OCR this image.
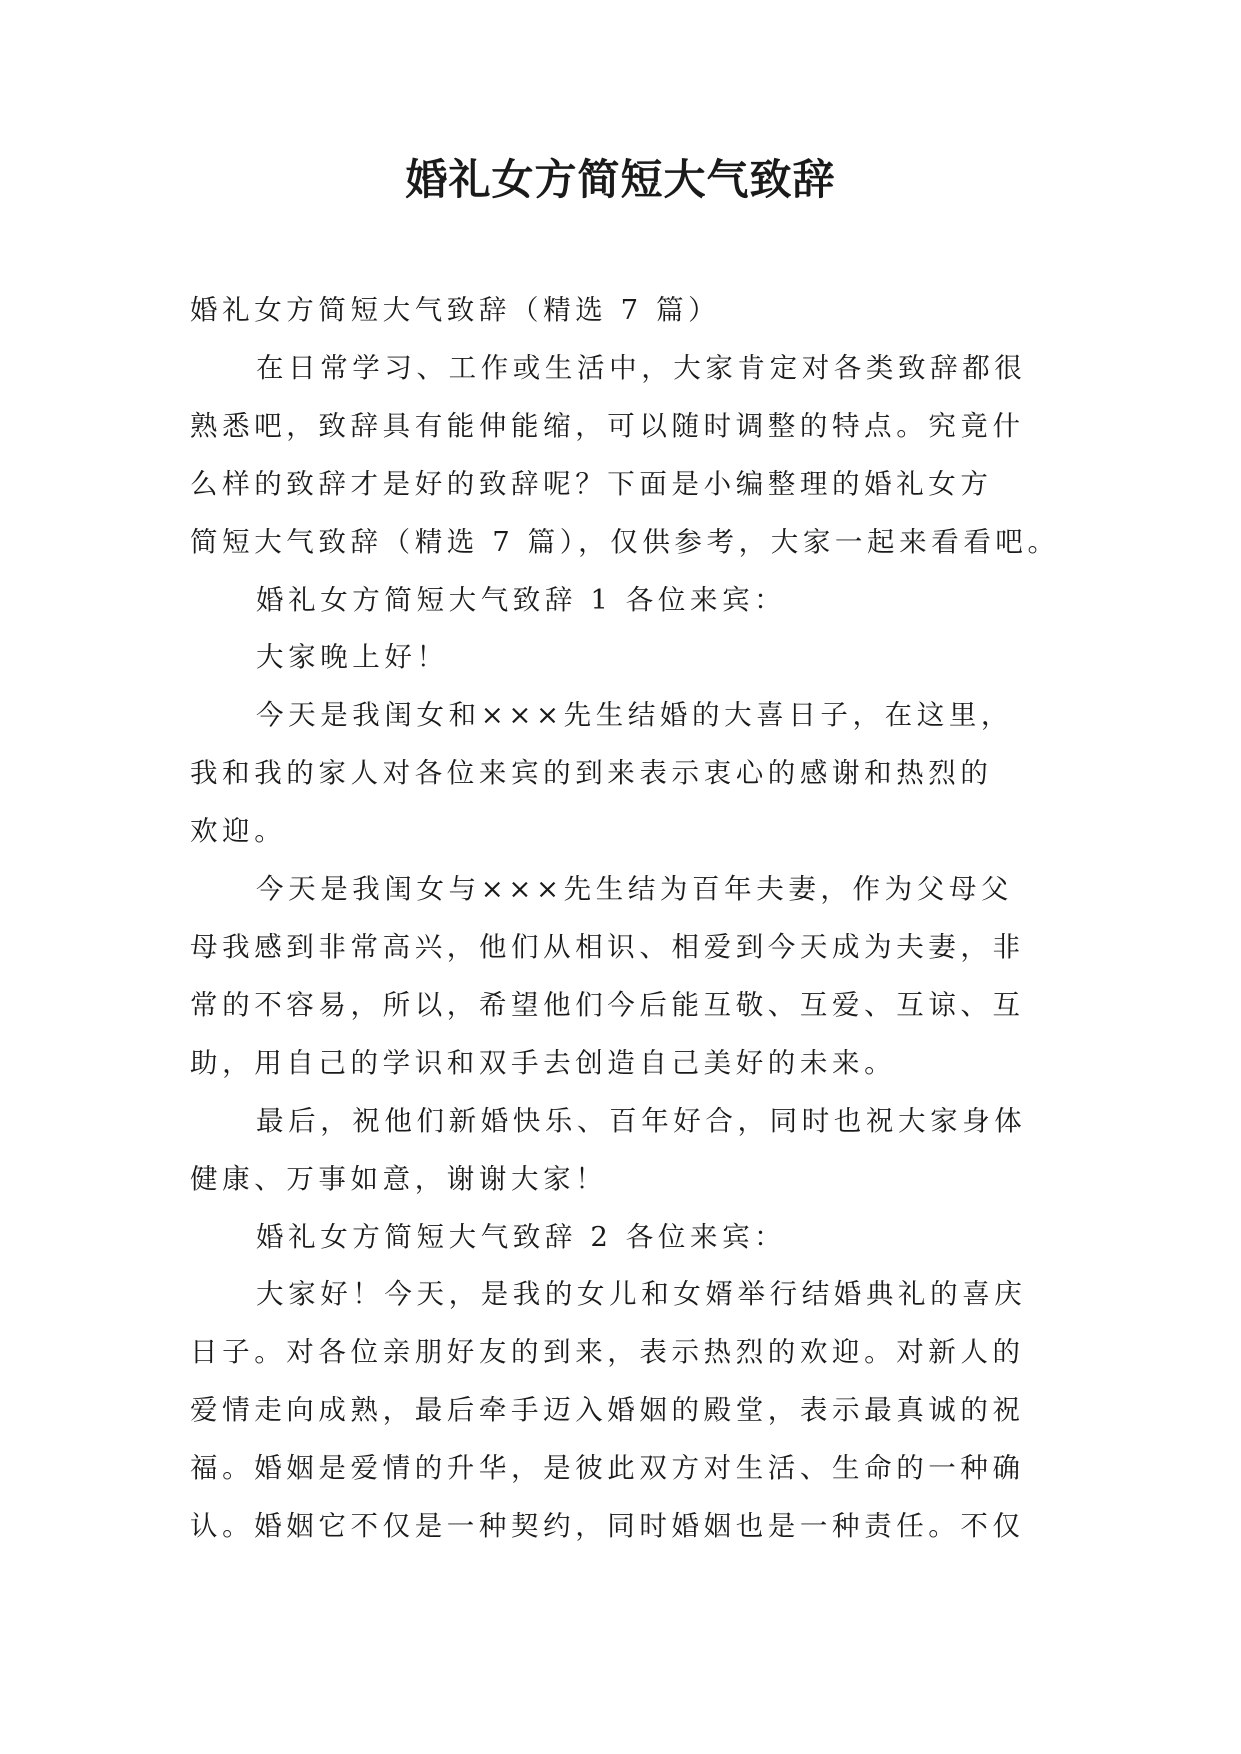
婚礼女方简短大气致辞

婚礼女方简短大气致辞（精选 7 篇）

在日常学习、工作或生活中，大家肯定对各类致辞都很

熟悉吧，致辞具有能伸能缩，可以随时调整的特点。究竟什
么样的致辞才是好的致辞呢？下面是小编整理的婚礼女方
简短大气致辞（精选 7 篇），仅供参考，大家一起来看看吧。

婚礼女方简短大气致辞 1 各位来宾：

大家晚上好！

今天是我闺女和×××先生结婚的大喜日子，在这里，

我和我的家人对各位来宾的到来表示衷心的感谢和热烈的
欢迎。

今天是我闺女与×××先生结为百年夫妻，作为父母父

母我感到非常高兴，他们从相识、相爱到今天成为夫妻，非
常的不容易，所以，希望他们今后能互敬、互爱、互谅、互
助，用自己的学识和双手去创造自己美好的未来。

最后，祝他们新婚快乐、百年好合，同时也祝大家身体

健康、万事如意，谢谢大家！

婚礼女方简短大气致辞 2 各位来宾：

大家好！今天，是我的女儿和女婿举行结婚典礼的喜庆

日子。对各位亲朋好友的到来，表示热烈的欢迎。对新人的
爱情走向成熟，最后牵手迈入婚姻的殿堂，表示最真诚的祝
福。婚姻是爱情的升华，是彼此双方对生活、生命的一种确
认。婚姻它不仅是一种契约，同时婚姻也是一种责任。不仅
